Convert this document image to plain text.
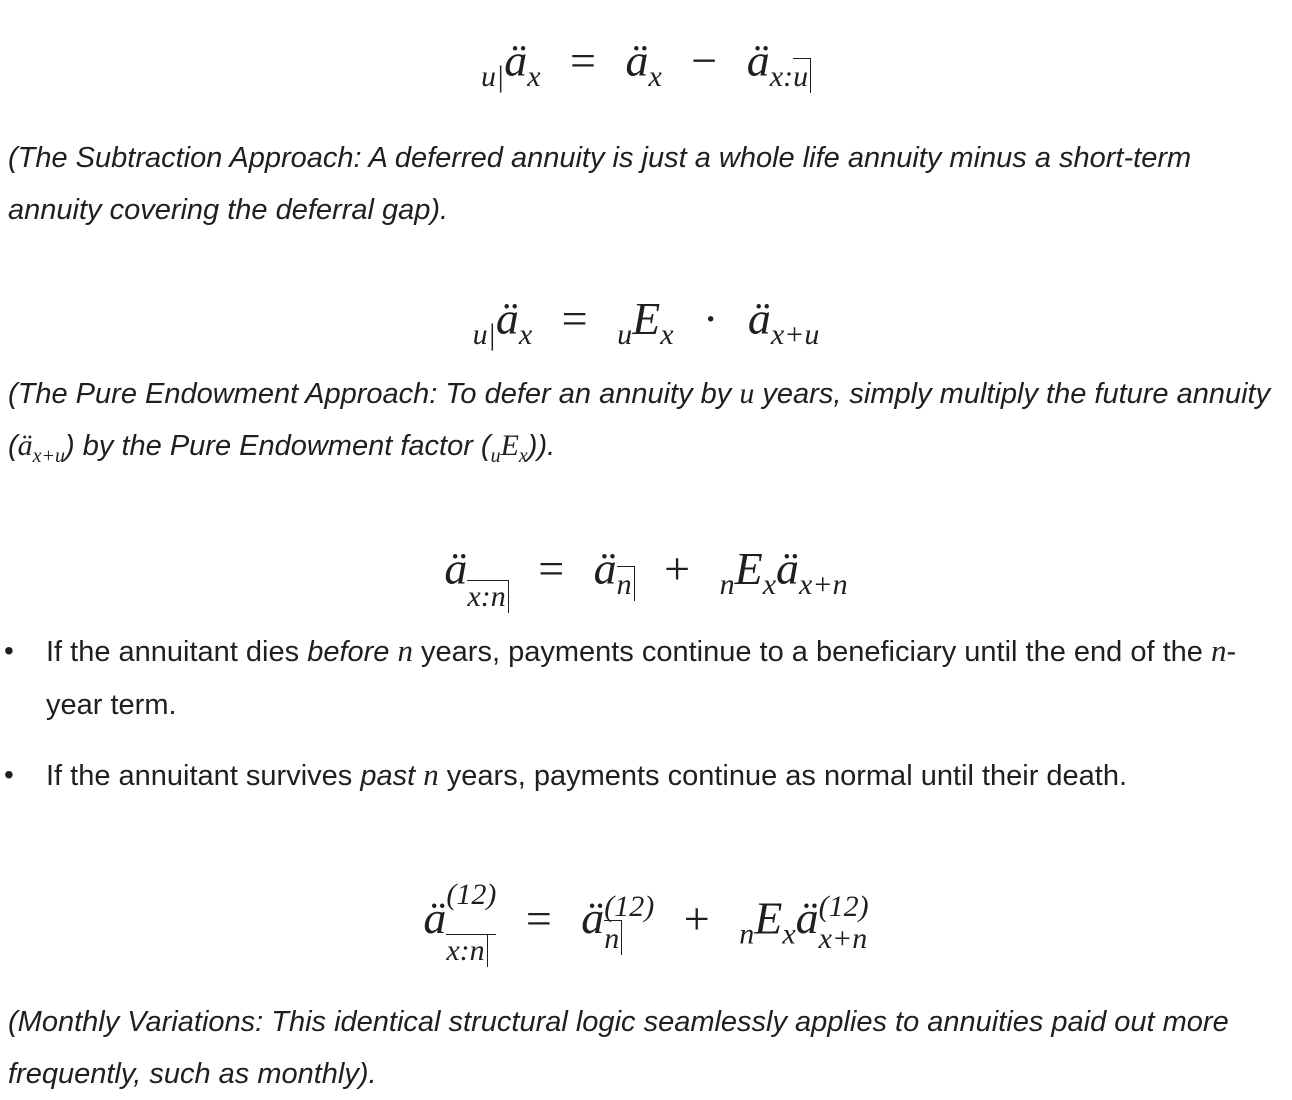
$_{u|}ä_x$ = $ä_x$ − $ä_{x:u}$
(The Subtraction Approach: A deferred annuity is just a whole life annuity minus a short-term annuity covering the deferral gap).
$_{u|}ä_x = _uE_x$ · $ä_{x+u}$
(The Pure Endowment Approach: To defer an annuity by u years, simply multiply the future annuity $(ä_{x+u})$ by the Pure Endowment factor $(_uE_x)$).
$ä_{x:n}$ = $ä_n$ + $_nE_xä_{x+n}$
• If the annuitant dies before n years, payments continue to a beneficiary until the end of the n-year term.
• If the annuitant survives past n years, payments continue as normal until their death.
ä $\frac{(12)}{x:n}$ = ä (12)
n	+ $_nE_xä$ (12)
x+n
(Monthly Variations: This identical structural logic seamlessly applies to annuities paid out more frequently, such as monthly).
